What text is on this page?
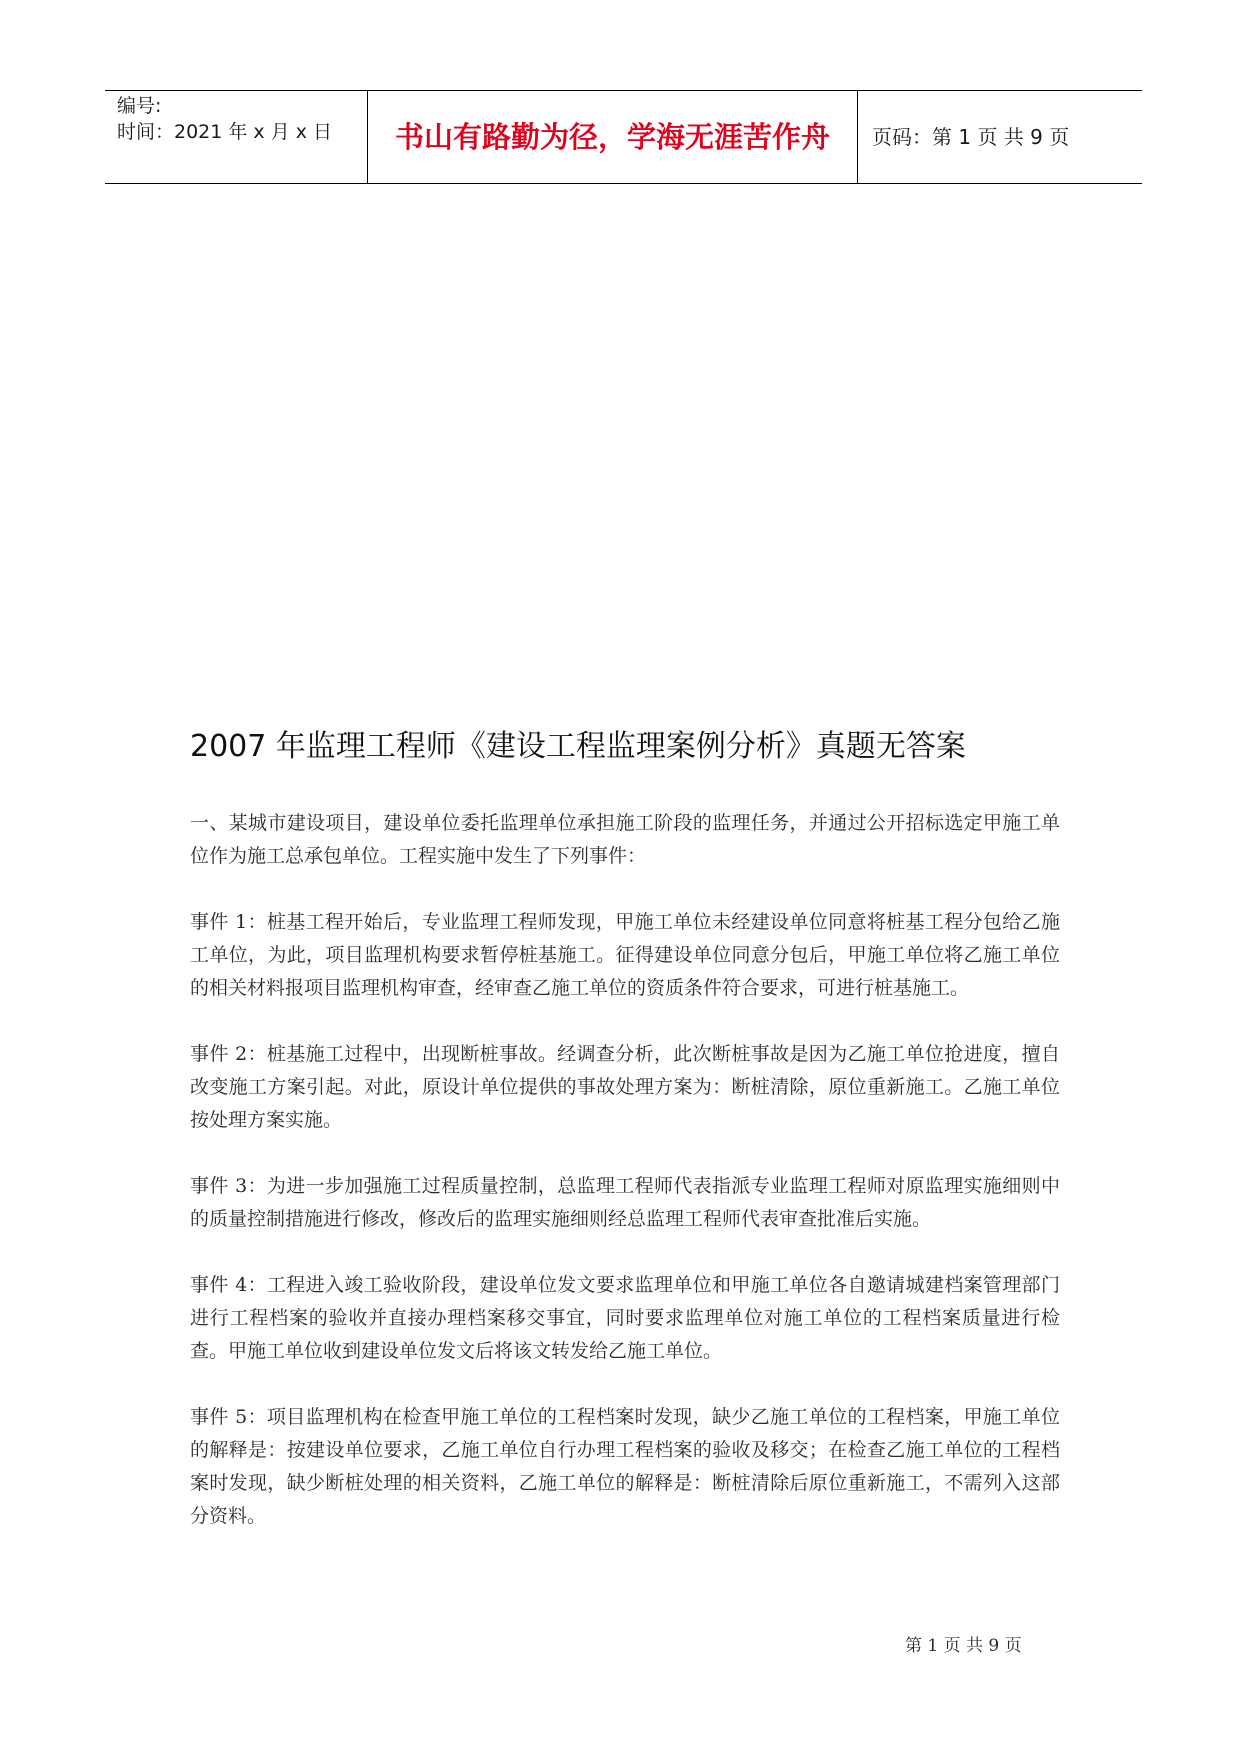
编号:
时间：2021 年 x 月 x 日	书山有路勤为径，学海无涯苦作舟	页码：第 1 页 共 9 页
2007 年监理工程师《建设工程监理案例分析》真题无答案

一、某城市建设项目，建设单位委托监理单位承担施工阶段的监理任务，并通过公开招标选定甲施工单位作为施工总承包单位。工程实施中发生了下列事件：

事件 1：桩基工程开始后，专业监理工程师发现，甲施工单位未经建设单位同意将桩基工程分包给乙施工单位，为此，项目监理机构要求暂停桩基施工。征得建设单位同意分包后，甲施工单位将乙施工单位的相关材料报项目监理机构审查，经审查乙施工单位的资质条件符合要求，可进行桩基施工。

事件 2：桩基施工过程中，出现断桩事故。经调查分析，此次断桩事故是因为乙施工单位抢进度，擅自改变施工方案引起。对此，原设计单位提供的事故处理方案为：断桩清除，原位重新施工。乙施工单位按处理方案实施。

事件 3：为进一步加强施工过程质量控制，总监理工程师代表指派专业监理工程师对原监理实施细则中的质量控制措施进行修改，修改后的监理实施细则经总监理工程师代表审查批准后实施。

事件 4：工程进入竣工验收阶段，建设单位发文要求监理单位和甲施工单位各自邀请城建档案管理部门进行工程档案的验收并直接办理档案移交事宜，同时要求监理单位对施工单位的工程档案质量进行检查。甲施工单位收到建设单位发文后将该文转发给乙施工单位。

事件 5：项目监理机构在检查甲施工单位的工程档案时发现，缺少乙施工单位的工程档案，甲施工单位的解释是：按建设单位要求，乙施工单位自行办理工程档案的验收及移交；在检查乙施工单位的工程档案时发现，缺少断桩处理的相关资料，乙施工单位的解释是：断桩清除后原位重新施工，不需列入这部分资料。

第 1 页 共 9 页
